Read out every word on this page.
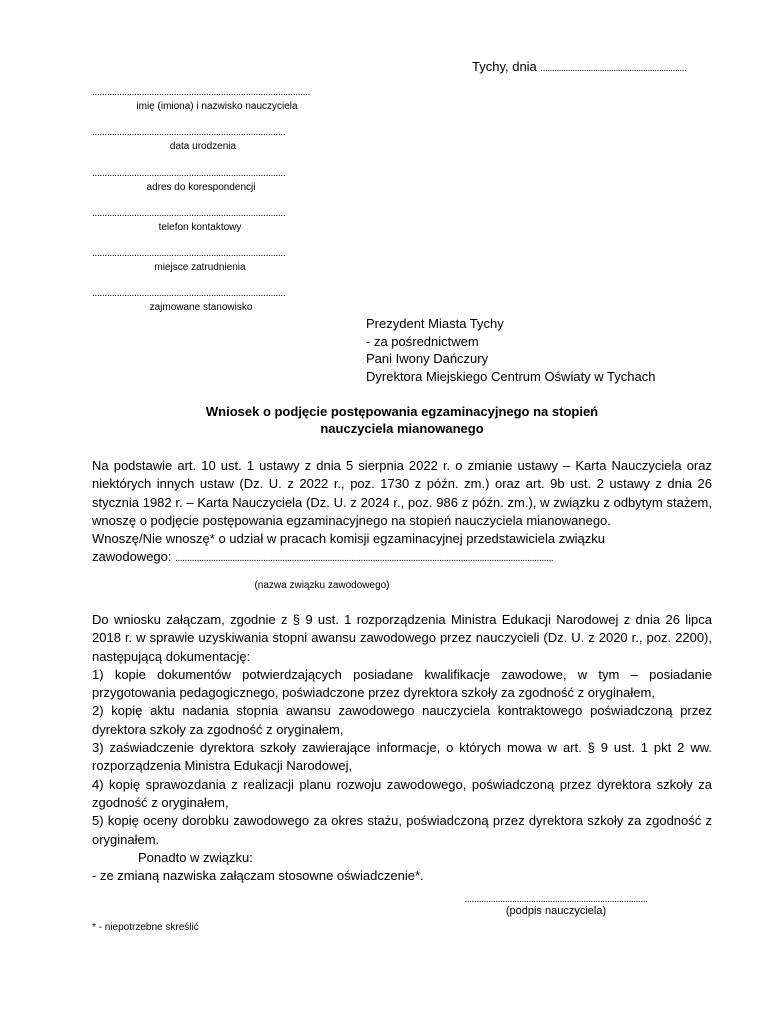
Tychy, dnia ................................................................
........................................................................................
imię (imiona) i nazwisko nauczyciela
..............................................................................
data urodzenia
..............................................................................
adres do korespondencji
..............................................................................
telefon kontaktowy
..............................................................................
miejsce zatrudnienia
..............................................................................
zajmowane stanowisko
Prezydent Miasta Tychy
- za pośrednictwem
Pani Iwony Dańczury
Dyrektora Miejskiego Centrum Oświaty w Tychach
Wniosek o podjęcie postępowania egzaminacyjnego na stopień
nauczyciela mianowanego

Na podstawie art. 10 ust. 1 ustawy z dnia 5 sierpnia 2022 r. o zmianie ustawy – Karta Nauczyciela oraz niektórych innych ustaw (Dz. U. z 2022 r., poz. 1730 z późn. zm.) oraz art. 9b ust. 2 ustawy z dnia 26 stycznia 1982 r. – Karta Nauczyciela (Dz. U. z 2024 r., poz. 986 z późn. zm.), w związku z odbytym stażem, wnoszę o podjęcie postępowania egzaminacyjnego na stopień nauczyciela mianowanego.

Wnoszę/Nie wnoszę* o udział w pracach komisji egzaminacyjnej przedstawiciela związku

zawodowego: ...............................................................................................................................................................

(nazwa związku zawodowego)

Do wniosku załączam, zgodnie z § 9 ust. 1 rozporządzenia Ministra Edukacji Narodowej z dnia 26 lipca 2018 r. w sprawie uzyskiwania stopni awansu zawodowego przez nauczycieli (Dz. U. z 2020 r., poz. 2200), następującą dokumentację:

1) kopie dokumentów potwierdzających posiadane kwalifikacje zawodowe, w tym – posiadanie przygotowania pedagogicznego, poświadczone przez dyrektora szkoły za zgodność z oryginałem,

2) kopię aktu nadania stopnia awansu zawodowego nauczyciela kontraktowego poświadczoną przez dyrektora szkoły za zgodność z oryginałem,

3) zaświadczenie dyrektora szkoły zawierające informacje, o których mowa w art. § 9 ust. 1 pkt 2 ww. rozporządzenia Ministra Edukacji Narodowej,

4) kopię sprawozdania z realizacji planu rozwoju zawodowego, poświadczoną przez dyrektora szkoły za zgodność z oryginałem,

5) kopię oceny dorobku zawodowego za okres stażu, poświadczoną przez dyrektora szkoły za zgodność z oryginałem.

Ponadto w związku:

- ze zmianą nazwiska załączam stosowne oświadczenie*.

.............................................................................
(podpis nauczyciela)
* - niepotrzebne skreślić
